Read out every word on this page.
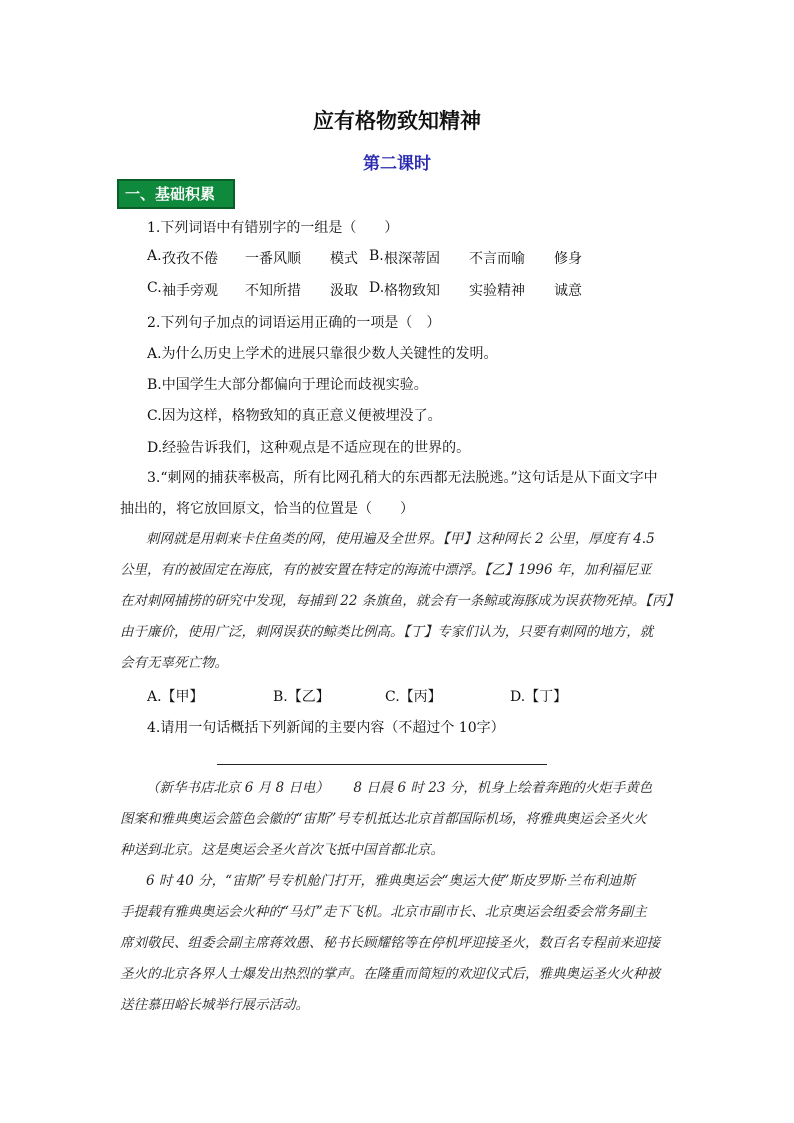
应有格物致知精神
第二课时
一、基础积累
1.下列词语中有错别字的一组是（　　）
A. 孜孜不倦 一番风顺 模式 B. 根深蒂固 不言而喻 修身
C. 袖手旁观 不知所措 汲取 D. 格物致知 实验精神 诚意
2.下列句子加点的词语运用正确的一项是（　）
A.为什么历史上学术的进展只靠很少数人关键性的发明。
B.中国学生大部分都偏向于理论而歧视实验。
C.因为这样，格物致知的真正意义便被埋没了。
D.经验告诉我们，这种观点是不适应现在的世界的。
3.“刺网的捕获率极高，所有比网孔稍大的东西都无法脱逃。”这句话是从下面文字中
抽出的，将它放回原文，恰当的位置是（　　）
刺网就是用刺来卡住鱼类的网，使用遍及全世界。【甲】这种网长 2 公里，厚度有 4.5
公里，有的被固定在海底，有的被安置在特定的海流中漂浮。【乙】1996 年，加利福尼亚
在对刺网捕捞的研究中发现，每捕到 22 条旗鱼，就会有一条鲸或海豚成为误获物死掉。【丙】
由于廉价，使用广泛，刺网误获的鲸类比例高。【丁】专家们认为，只要有刺网的地方，就
会有无辜死亡物。
A.【甲】	B.【乙】	C.【丙】	D.【丁】
4.请用一句话概括下列新闻的主要内容（不超过个 10字）
（新华书店北京 6 月 8 日电）　　 8 日晨 6 时 23 分，机身上绘着奔跑的火炬手黄色
图案和雅典奥运会篮色会徽的“宙斯”号专机抵达北京首都国际机场，将雅典奥运会圣火火
种送到北京。这是奥运会圣火首次飞抵中国首都北京。
6 时 40 分，“宙斯”号专机舱门打开，雅典奥运会“奥运大使”斯皮罗斯·兰布利迪斯
手提载有雅典奥运会火种的“马灯”走下飞机。北京市副市长、北京奥运会组委会常务副主
席刘敬民、组委会副主席蒋效愚、秘书长顾耀铭等在停机坪迎接圣火，数百名专程前来迎接
圣火的北京各界人士爆发出热烈的掌声。在隆重而简短的欢迎仪式后，雅典奥运圣火火种被
送往慕田峪长城举行展示活动。
